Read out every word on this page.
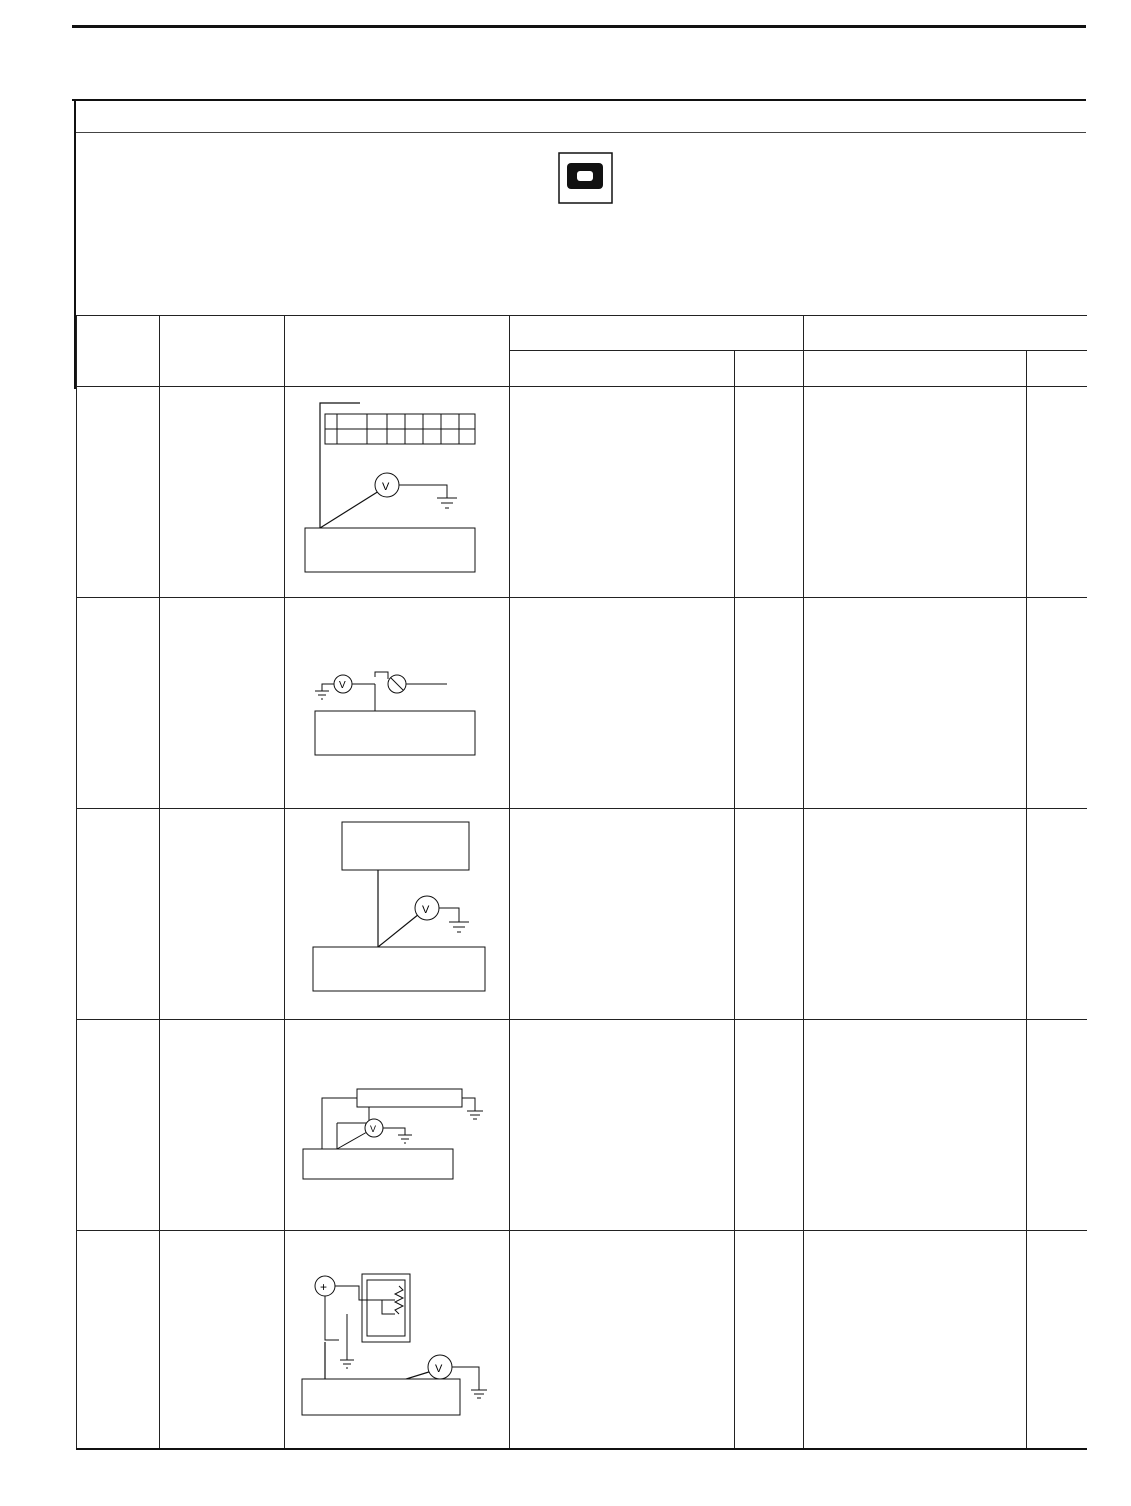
V				

V				

V				

V				

+
V				
